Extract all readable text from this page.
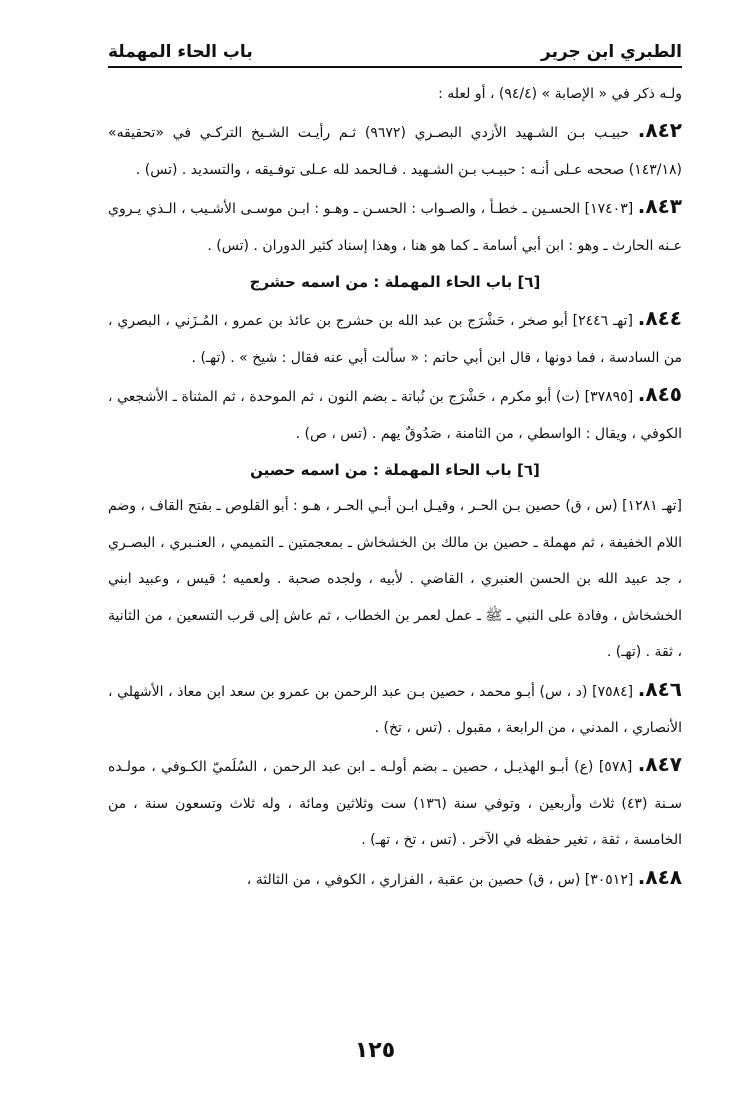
الطبري ابن جرير
باب الحاء المهملة

ولـه ذكر في « الإصابة » (٩٤/٤) ، أو لعله :

٨٤٢. حبيـب بـن الشـهيد الأزدي البصـري (٩٦٧٢) ثـم رأيـت الشـيخ التركـي في «تحقيقه» (١٤٣/١٨) صححه عـلى أنـه : حبيـب بـن الشـهيد . فـالحمد لله عـلى توفـيقه ، والتسديد . (تس) .

٨٤٣. [١٧٤٠٣] الحسـين ـ خطـأ ، والصـواب : الحسـن ـ وهـو : ابـن موسـى الأشـيب ، الـذي يـروي عـنه الحارث ـ وهو : ابن أبي أسامة ـ كما هو هنا ، وهذا إسناد كثير الدوران . (تس) .

[٦] باب الحاء المهملة : من اسمه حشرج

٨٤٤. [تهـ ٢٤٤٦] أبو صخر ، حَشْرَج بن عبد الله بن حشرج بن عائذ بن عمرو ، المُـزَني ، البصري ، من السادسة ، فما دونها ، قال ابن أبي حاتم : « سألت أبي عنه فقال : شيخ » . (تهـ) .

٨٤٥. [٣٧٨٩٥] (ت) أبو مكرم ، حَشْرَج بن نُباتة ـ بضم النون ، ثم الموحدة ، ثم المثناة ـ الأشجعي ، الكوفي ، ويقال : الواسطي ، من الثامنة ، صَدُوقٌ يهم . (تس ، ص) .

[٦] باب الحاء المهملة : من اسمه حصين

[تهـ ١٢٨١] (س ، ق) حصين بـن الحـر ، وقيـل ابـن أبـي الحـر ، هـو : أبو القلوص ـ بفتح القاف ، وضم اللام الخفيفة ، ثم مهملة ـ حصين بن مالك بن الخشخاش ـ بمعجمتين ـ التميمي ، العنـبري ، البصـري ، جد عبيد الله بن الحسن العنبري ، القاضي . لأبيه ، ولجده صحبة . ولعميه ؛ قيس ، وعبيد ابني الخشخاش ، وفادة على النبي ـ ﷺ ـ عمل لعمر بن الخطاب ، ثم عاش إلى قرب التسعين ، من الثانية ، ثقة . (تهـ) .

٨٤٦. [٧٥٨٤] (د ، س) أبـو محمد ، حصين بـن عبد الرحمن بن عمرو بن سعد ابن معاذ ، الأشهلي ، الأنصاري ، المدني ، من الرابعة ، مقبول . (تس ، تخ) .

٨٤٧. [٥٧٨] (ع) أبـو الهذيـل ، حصين ـ بضم أولـه ـ ابن عبد الرحمن ، السُلَميّ الكـوفي ، مولـده سـنة (٤٣) ثلاث وأربعين ، وتوفي سنة (١٣٦) ست وثلاثين ومائة ، وله ثلاث وتسعون سنة ، من الخامسة ، ثقة ، تغير حفظه في الآخر . (تس ، تخ ، تهـ) .

٨٤٨. [٣٠٥١٢] (س ، ق) حصين بن عقبة ، الفزاري ، الكوفي ، من الثالثة ،

١٢٥
